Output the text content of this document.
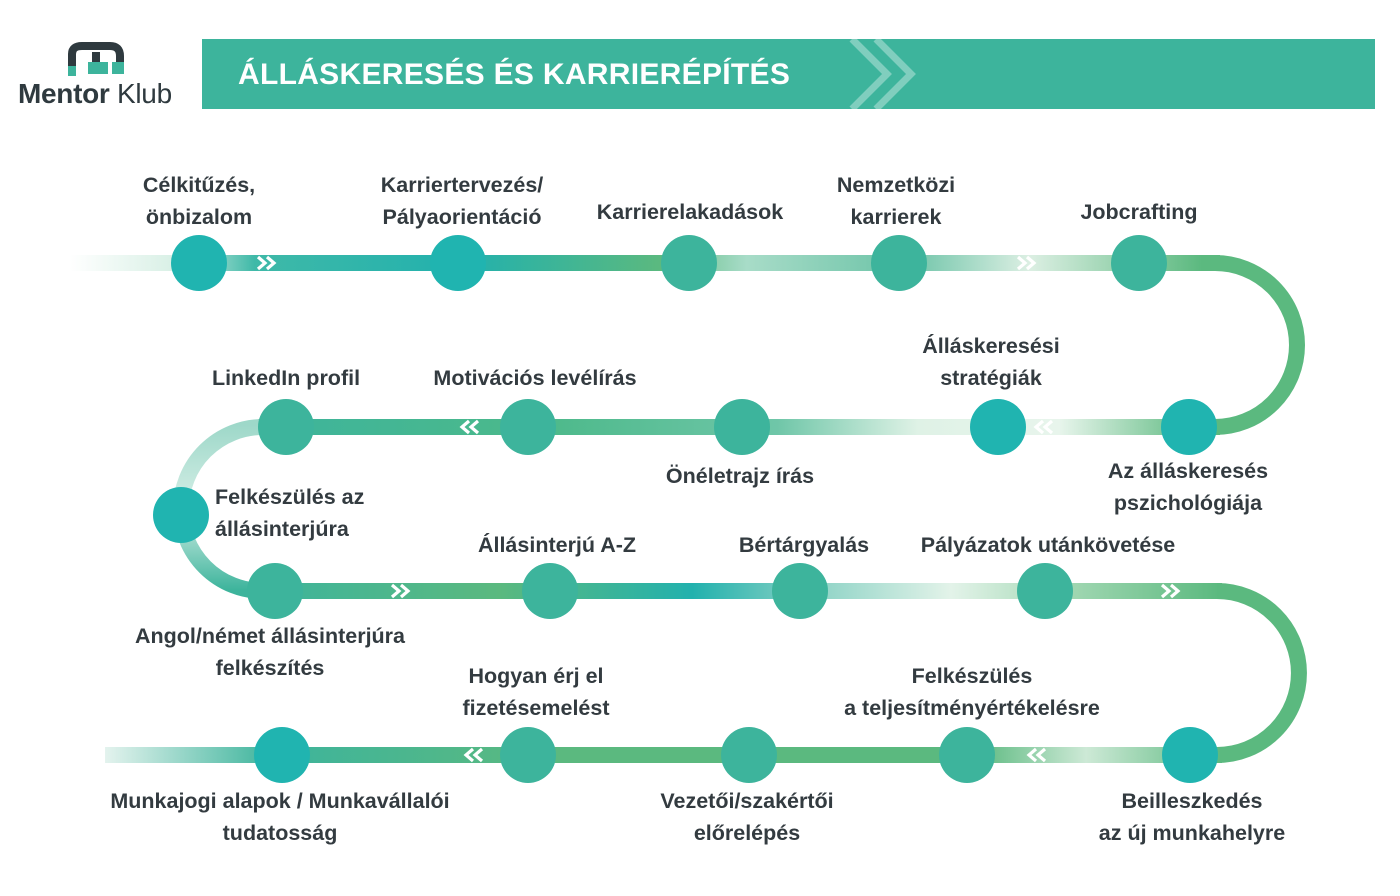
Mentor Klub
ÁLLÁSKERESÉS ÉS KARRIERÉPÍTÉS
Célkitűzés,
önbizalom
Karriertervezés/
Pályaorientáció	Karrierelakadások
Nemzetközi
karrierek	Jobcrafting
Az álláskeresés
pszichológiája
Álláskeresési
stratégiák
Önéletrajz írás
Motivációs levélírás
LinkedIn profil
Felkészülés az
állásinterjúra
Angol/német állásinterjúra
felkészítés
Állásinterjú A-Z	Bértárgyalás Pályázatok utánkövetése
Beilleszkedés
az új munkahelyre
Felkészülés
a teljesítményértékelésre
Vezetői/szakértői
előrelépés
Hogyan érj el
fizetésemelést
Munkajogi alapok / Munkavállalói
tudatosság
